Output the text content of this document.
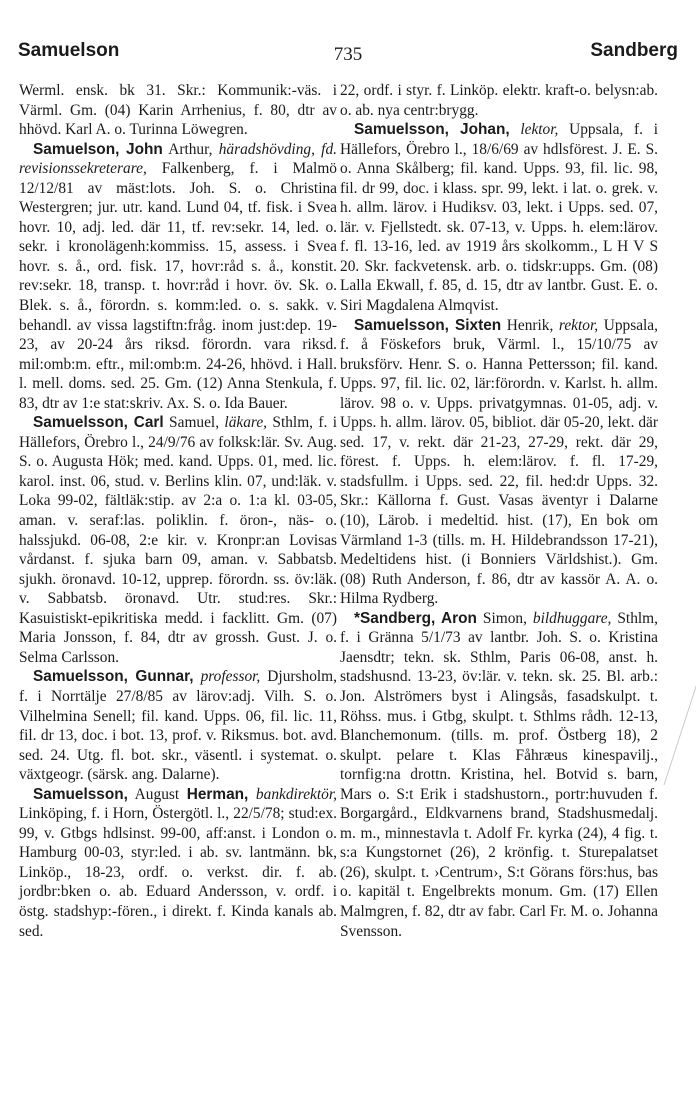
Samuelson	735	Sandberg

Werml. ensk. bk 31. Skr.: Kommunik:-väs. i Värml. Gm. (04) Karin Arrhenius, f. 80, dtr av hhövd. Karl A. o. Turinna Löwegren.

Samuelson, John Arthur, häradshövding, fd. revisionssekreterare, Falkenberg, f. i Malmö 12/12/81 av mäst:lots. Joh. S. o. Christina Westergren; jur. utr. kand. Lund 04, tf. fisk. i Svea hovr. 10, adj. led. där 11, tf. rev:sekr. 14, led. o. sekr. i kronolägenh:kommiss. 15, assess. i Svea hovr. s. å., ord. fisk. 17, hovr:råd s. å., konstit. rev:sekr. 18, transp. t. hovr:råd i hovr. öv. Sk. o. Blek. s. å., förordn. s. komm:led. o. s. sakk. v. behandl. av vissa lagstiftn:fråg. inom just:dep. 19-23, av 20-24 års riksd. förordn. vara riksd. mil:omb:m. eftr., mil:omb:m. 24-26, hhövd. i Hall. l. mell. doms. sed. 25. Gm. (12) Anna Stenkula, f. 83, dtr av 1:e stat:skriv. Ax. S. o. Ida Bauer.

Samuelsson, Carl Samuel, läkare, Sthlm, f. i Hällefors, Örebro l., 24/9/76 av folksk:lär. Sv. Aug. S. o. Augusta Hök; med. kand. Upps. 01, med. lic. karol. inst. 06, stud. v. Berlins klin. 07, und:läk. v. Loka 99-02, fältläk:stip. av 2:a o. 1:a kl. 03-05, aman. v. seraf:las. poliklin. f. öron-, näs- o. halssjukd. 06-08, 2:e kir. v. Kronpr:an Lovisas vårdanst. f. sjuka barn 09, aman. v. Sabbatsb. sjukh. öronavd. 10-12, upprep. förordn. ss. öv:läk. v. Sabbatsb. öronavd. Utr. stud:res. Skr.: Kasuistiskt-epikritiska medd. i facklitt. Gm. (07) Maria Jonsson, f. 84, dtr av grossh. Gust. J. o. Selma Carlsson.

Samuelsson, Gunnar, professor, Djursholm, f. i Norrtälje 27/8/85 av lärov:adj. Vilh. S. o. Vilhelmina Senell; fil. kand. Upps. 06, fil. lic. 11, fil. dr 13, doc. i bot. 13, prof. v. Riksmus. bot. avd. sed. 24. Utg. fl. bot. skr., väsentl. i systemat. o. växtgeogr. (särsk. ang. Dalarne).

Samuelsson, August Herman, bankdirektör, Linköping, f. i Horn, Östergötl. l., 22/5/78; stud:ex. 99, v. Gtbgs hdlsinst. 99-00, aff:anst. i London o. Hamburg 00-03, styr:led. i ab. sv. lantmänn. bk, Linköp., 18-23, ordf. o. verkst. dir. f. ab. jordbr:bken o. ab. Eduard Andersson, v. ordf. i östg. stadshyp:-fören., i direkt. f. Kinda kanals ab. sed.

22, ordf. i styr. f. Linköp. elektr. kraft-o. belysn:ab. o. ab. nya centr:brygg.

Samuelsson, Johan, lektor, Uppsala, f. i Hällefors, Örebro l., 18/6/69 av hdlsförest. J. E. S. o. Anna Skålberg; fil. kand. Upps. 93, fil. lic. 98, fil. dr 99, doc. i klass. spr. 99, lekt. i lat. o. grek. v. h. allm. lärov. i Hudiksv. 03, lekt. i Upps. sed. 07, lär. v. Fjellstedt. sk. 07-13, v. Upps. h. elem:lärov. f. fl. 13-16, led. av 1919 års skolkomm., L H V S 20. Skr. fackvetensk. arb. o. tidskr:upps. Gm. (08) Lalla Ekwall, f. 85, d. 15, dtr av lantbr. Gust. E. o. Siri Magdalena Almqvist.

Samuelsson, Sixten Henrik, rektor, Uppsala, f. å Föskefors bruk, Värml. l., 15/10/75 av bruksförv. Henr. S. o. Hanna Pettersson; fil. kand. Upps. 97, fil. lic. 02, lär:förordn. v. Karlst. h. allm. lärov. 98 o. v. Upps. privatgymnas. 01-05, adj. v. Upps. h. allm. lärov. 05, bibliot. där 05-20, lekt. där sed. 17, v. rekt. där 21-23, 27-29, rekt. där 29, förest. f. Upps. h. elem:lärov. f. fl. 17-29, stadsfullm. i Upps. sed. 22, fil. hed:dr Upps. 32. Skr.: Källorna f. Gust. Vasas äventyr i Dalarne (10), Lärob. i medeltid. hist. (17), En bok om Värmland 1-3 (tills. m. H. Hildebrandsson 17-21), Medeltidens hist. (i Bonniers Världshist.). Gm. (08) Ruth Anderson, f. 86, dtr av kassör A. A. o. Hilma Rydberg.

*Sandberg, Aron Simon, bildhuggare, Sthlm, f. i Gränna 5/1/73 av lantbr. Joh. S. o. Kristina Jaensdtr; tekn. sk. Sthlm, Paris 06-08, anst. h. stadshusnd. 13-23, öv:lär. v. tekn. sk. 25. Bl. arb.: Jon. Alströmers byst i Alingsås, fasadskulpt. t. Röhss. mus. i Gtbg, skulpt. t. Sthlms rådh. 12-13, Blanchemonum. (tills. m. prof. Östberg 18), 2 skulpt. pelare t. Klas Fåhræus kinespavilj., tornfig:na drottn. Kristina, hel. Botvid s. barn, Mars o. S:t Erik i stadshustorn., portr:huvuden f. Borgargård., Eldkvarnens brand, Stadshusmedalj. m. m., minnestavla t. Adolf Fr. kyrka (24), 4 fig. t. s:a Kungstornet (26), 2 krönfig. t. Sturepalatset (26), skulpt. t. ›Centrum›, S:t Görans förs:hus, bas o. kapitäl t. Engelbrekts monum. Gm. (17) Ellen Malmgren, f. 82, dtr av fabr. Carl Fr. M. o. Johanna Svensson.
